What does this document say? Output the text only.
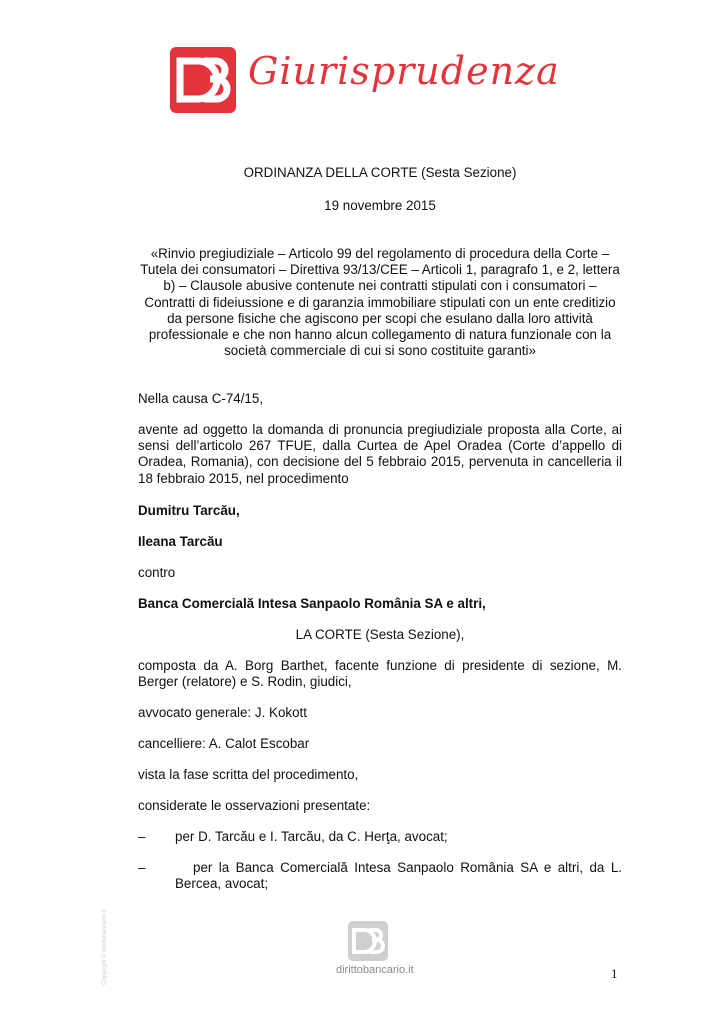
Giurisprudenza
ORDINANZA DELLA CORTE (Sesta Sezione)
19 novembre 2015
«Rinvio pregiudiziale – Articolo 99 del regolamento di procedura della Corte –
Tutela dei consumatori – Direttiva 93/13/CEE – Articoli 1, paragrafo 1, e 2, lettera
b) – Clausole abusive contenute nei contratti stipulati con i consumatori –
Contratti di fideiussione e di garanzia immobiliare stipulati con un ente creditizio
da persone fisiche che agiscono per scopi che esulano dalla loro attività
professionale e che non hanno alcun collegamento di natura funzionale con la
società commerciale di cui si sono costituite garanti»
Nella causa C‑74/15,
avente ad oggetto la domanda di pronuncia pregiudiziale proposta alla Corte, ai
sensi dell’articolo 267 TFUE, dalla Curtea de Apel Oradea (Corte d’appello di
Oradea, Romania), con decisione del 5 febbraio 2015, pervenuta in cancelleria il
18 febbraio 2015, nel procedimento
Dumitru Tarcău,
Ileana Tarcău
contro
Banca Comercială Intesa Sanpaolo România SA e altri,
LA CORTE (Sesta Sezione),
composta da A. Borg Barthet, facente funzione di presidente di sezione, M.
Berger (relatore) e S. Rodin, giudici,
avvocato generale: J. Kokott
cancelliere: A. Calot Escobar
vista la fase scritta del procedimento,
considerate le osservazioni presentate:
– per D. Tarcău e I. Tarcău, da C. Herţa, avocat;
–	per la Banca Comercială Intesa Sanpaolo România SA e altri, da L.
Bercea, avocat;
Copyright © dirittobancario.it	dirittobancario.it	1
